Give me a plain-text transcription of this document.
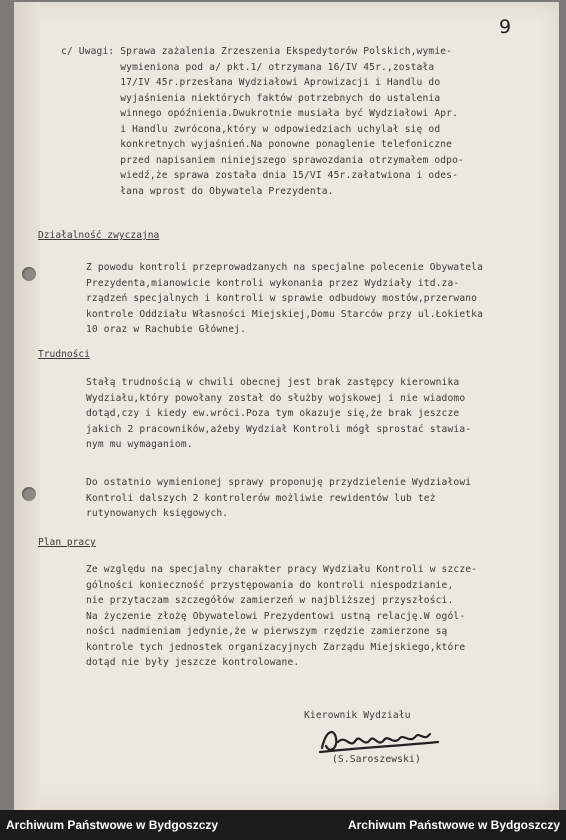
9
c/ Uwagi: Sprawa zażalenia Zrzeszenia Ekspedytorów Polskich,wymie-
wymieniona pod a/ pkt.1/ otrzymana 16/IV 45r.,została
17/IV 45r.przesłana Wydziałowi Aprowizacji i Handlu do
wyjaśnienia niektórych faktów potrzebnych do ustalenia
winnego opóźnienia.Dwukrotnie musiała być Wydziałowi Apr.
i Handlu zwrócona,który w odpowiedziach uchylał się od
konkretnych wyjaśnień.Na ponowne ponaglenie telefoniczne
przed napisaniem niniejszego sprawozdania otrzymałem odpo-
wiedź,że sprawa została dnia 15/VI 45r.załatwiona i odes-
łana wprost do Obywatela Prezydenta.
Działalność zwyczajna
Z powodu kontroli przeprowadzanych na specjalne polecenie Obywatela
Prezydenta,mianowicie kontroli wykonania przez Wydziały itd.za-
rządzeń specjalnych i kontroli w sprawie odbudowy mostów,przerwano
kontrole Oddziału Własności Miejskiej,Domu Starców przy ul.Łokietka
10 oraz w Rachubie Głównej.
Trudności
Stałą trudnością w chwili obecnej jest brak zastępcy kierownika
Wydziału,który powołany został do służby wojskowej i nie wiadomo
dotąd,czy i kiedy ew.wróci.Poza tym okazuje się,że brak jeszcze
jakich 2 pracowników,ażeby Wydział Kontroli mógł sprostać stawia-
nym mu wymaganiom.
Do ostatnio wymienionej sprawy proponuję przydzielenie Wydziałowi
Kontroli dalszych 2 kontrolerów możliwie rewidentów lub też
rutynowanych księgowych.
Plan pracy
Ze względu na specjalny charakter pracy Wydziału Kontroli w szcze-
gólności konieczność przystępowania do kontroli niespodzianie,
nie przytaczam szczegółów zamierzeń w najbliższej przyszłości.
Na życzenie złożę Obywatelowi Prezydentowi ustną relację.W ogól-
ności nadmieniam jedynie,że w pierwszym rzędzie zamierzone są
kontrole tych jednostek organizacyjnych Zarządu Miejskiego,które
dotąd nie były jeszcze kontrolowane.
Kierownik Wydziału
(S.Saroszewski)
Archiwum Państwowe w Bydgoszczy	Archiwum Państwowe w Bydgoszczy
